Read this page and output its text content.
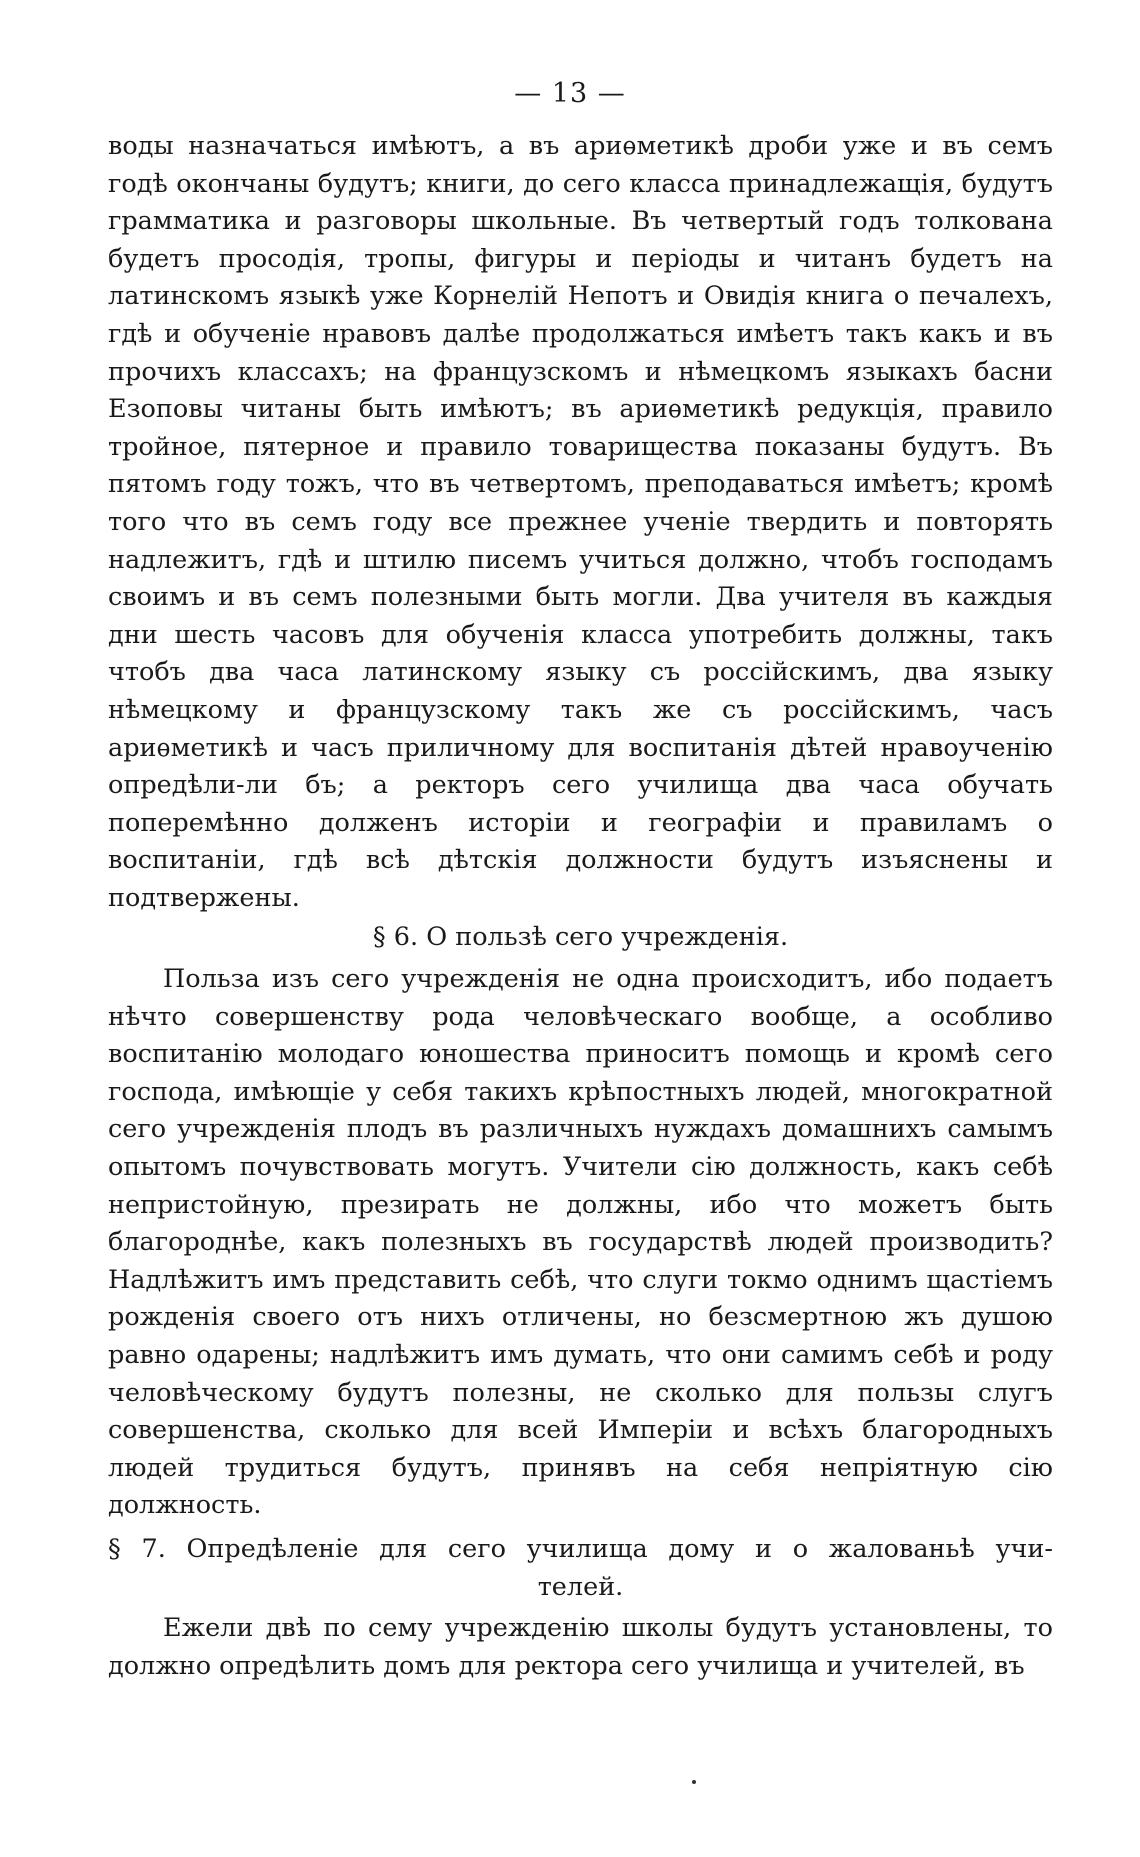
— 13 —

воды назначаться имѣютъ, а въ ариѳметикѣ дроби уже и въ семъ годѣ окончаны будутъ; книги, до сего класса принадлежащія, будутъ грамматика и разговоры школьные. Въ четвертый годъ толкована будетъ просодія, тропы, фигуры и періоды и читанъ будетъ на латинскомъ языкѣ уже Корнелій Непотъ и Овидія книга о печалехъ, гдѣ и обученіе нравовъ далѣе продолжаться имѣетъ такъ какъ и въ прочихъ классахъ; на французскомъ и нѣмецкомъ языкахъ басни Езоповы читаны быть имѣютъ; въ ариѳметикѣ редукція, правило тройное, пятерное и правило товарищества показаны будутъ. Въ пятомъ году тожъ, что въ четвертомъ, преподаваться имѣетъ; кромѣ того что въ семъ году все прежнее ученіе твердить и повторять надлежитъ, гдѣ и штилю писемъ учиться должно, чтобъ господамъ своимъ и въ семъ полезными быть могли. Два учителя въ каждыя дни шесть часовъ для обученія класса употребить должны, такъ чтобъ два часа латинскому языку съ россійскимъ, два языку нѣмецкому и французскому такъ же съ россійскимъ, часъ ариѳметикѣ и часъ приличному для воспитанія дѣтей нравоученію опредѣли-ли бъ; а ректоръ сего училища два часа обучать поперемѣнно долженъ исторіи и географіи и правиламъ о воспитаніи, гдѣ всѣ дѣтскія должности будутъ изъяснены и подтвержены.

§ 6. О пользѣ сего учрежденія.

Польза изъ сего учрежденія не одна происходитъ, ибо подаетъ нѣчто совершенству рода человѣческаго вообще, а особливо воспитанію молодаго юношества приноситъ помощь и кромѣ сего господа, имѣющіе у себя такихъ крѣпостныхъ людей, многократной сего учрежденія плодъ въ различныхъ нуждахъ домашнихъ самымъ опытомъ почувствовать могутъ. Учители сію должность, какъ себѣ непристойную, презирать не должны, ибо что можетъ быть благороднѣе, какъ полезныхъ въ государствѣ людей производить? Надлѣжитъ имъ представить себѣ, что слуги токмо однимъ щастіемъ рожденія своего отъ нихъ отличены, но безсмертною жъ душою равно одарены; надлѣжитъ имъ думать, что они самимъ себѣ и роду человѣческому будутъ полезны, не сколько для пользы слугъ совершенства, сколько для всей Имперіи и всѣхъ благородныхъ людей трудиться будутъ, принявъ на себя непріятную сію должность.

§ 7. Опредѣленіе для сего училища дому и о жалованьѣ учи-
телей.

Ежели двѣ по сему учрежденію школы будутъ установлены, то должно опредѣлить домъ для ректора сего училища и учителей, въ
